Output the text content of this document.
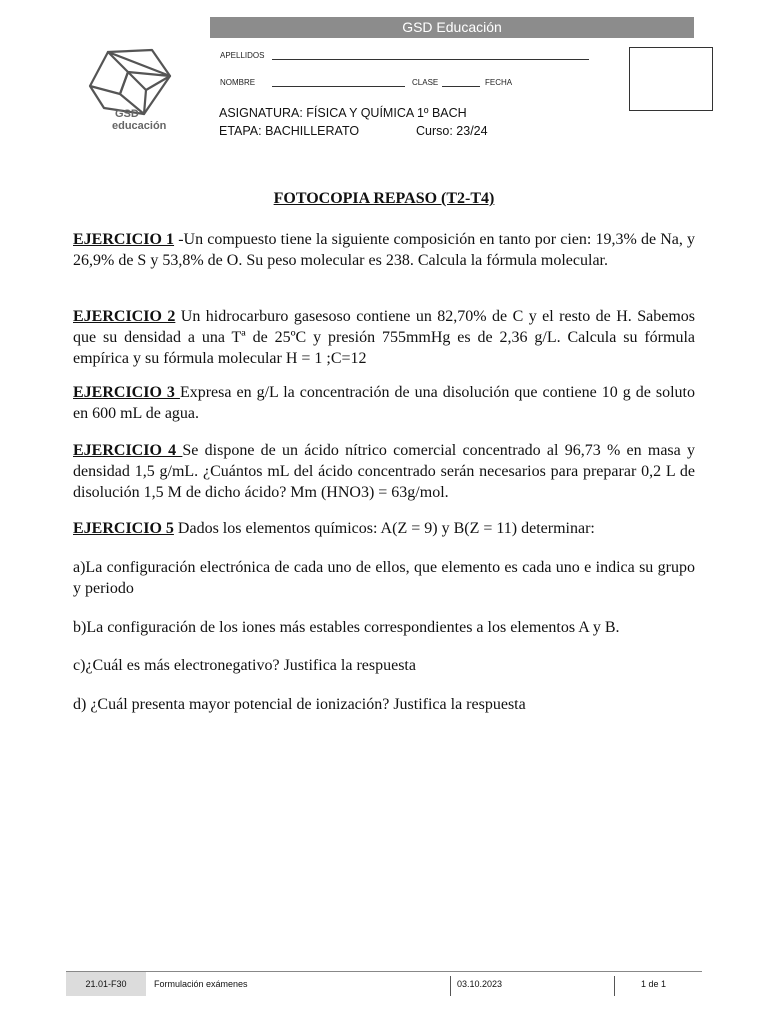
GSD Educación
GSD
educación
APELLIDOS
NOMBRE	CLASE	FECHA
ASIGNATURA: FÍSICA Y QUÍMICA 1º BACH
ETAPA: BACHILLERATO	Curso: 23/24
FOTOCOPIA REPASO (T2-T4)
EJERCICIO 1 -Un compuesto tiene la siguiente composición en tanto por cien: 19,3% de Na, y 26,9% de S y 53,8% de O. Su peso molecular es 238. Calcula la fórmula molecular.
EJERCICIO 2 Un hidrocarburo gasesoso contiene un 82,70% de C y el resto de H. Sabemos que su densidad a una Tª de 25ºC y presión 755mmHg es de 2,36 g/L. Calcula su fórmula empírica y su fórmula molecular H = 1 ;C=12
EJERCICIO 3 Expresa en g/L la concentración de una disolución que contiene 10 g de soluto en 600 mL de agua.
EJERCICIO 4 Se dispone de un ácido nítrico comercial concentrado al 96,73 % en masa y densidad 1,5 g/mL. ¿Cuántos mL del ácido concentrado serán necesarios para preparar 0,2 L de disolución 1,5 M de dicho ácido? Mm (HNO3) = 63g/mol.
EJERCICIO 5 Dados los elementos químicos: A(Z = 9) y B(Z = 11) determinar:
a)La configuración electrónica de cada uno de ellos, que elemento es cada uno e indica su grupo y periodo
b)La configuración de los iones más estables correspondientes a los elementos A y B.
c)¿Cuál es más electronegativo? Justifica la respuesta
d) ¿Cuál presenta mayor potencial de ionización? Justifica la respuesta
21.01-F30	Formulación exámenes	03.10.2023	1 de 1
